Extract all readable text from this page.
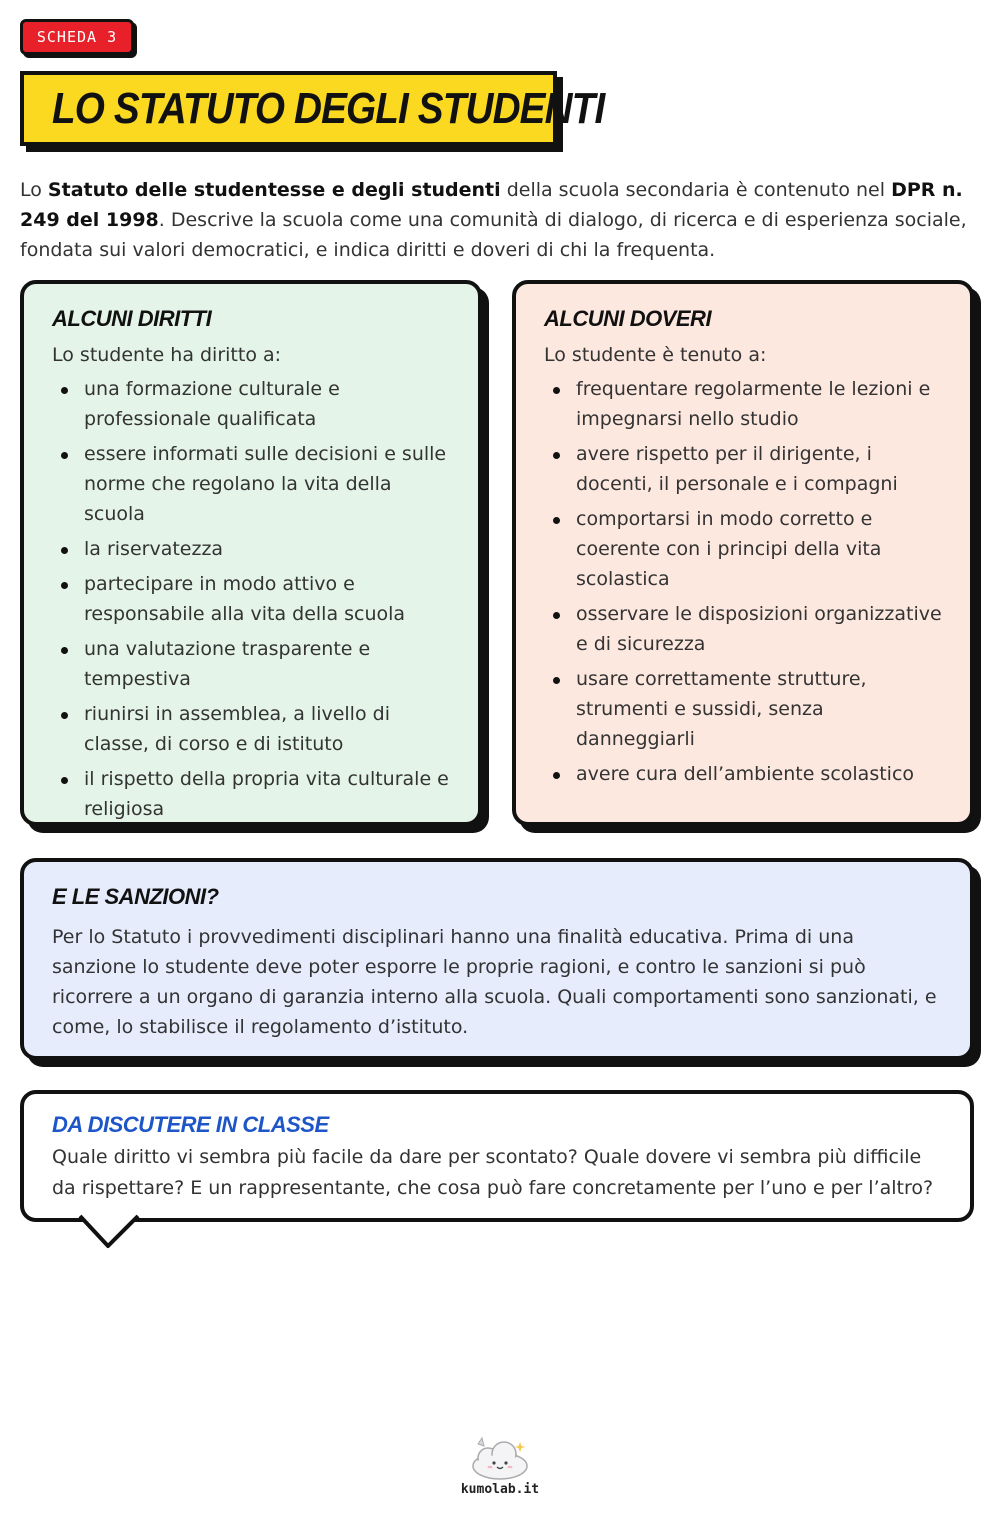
SCHEDA 3
LO STATUTO DEGLI STUDENTI
Lo Statuto delle studentesse e degli studenti della scuola secondaria è contenuto nel DPR n. 249 del 1998. Descrive la scuola come una comunità di dialogo, di ricerca e di esperienza sociale, fondata sui valori democratici, e indica diritti e doveri di chi la frequenta.
ALCUNI DIRITTI
Lo studente ha diritto a:
una formazione culturale e professionale qualificata
essere informati sulle decisioni e sulle norme che regolano la vita della scuola
la riservatezza
partecipare in modo attivo e responsabile alla vita della scuola
una valutazione trasparente e tempestiva
riunirsi in assemblea, a livello di classe, di corso e di istituto
il rispetto della propria vita culturale e religiosa
ALCUNI DOVERI
Lo studente è tenuto a:
frequentare regolarmente le lezioni e impegnarsi nello studio
avere rispetto per il dirigente, i docenti, il personale e i compagni
comportarsi in modo corretto e coerente con i principi della vita scolastica
osservare le disposizioni organizzative e di sicurezza
usare correttamente strutture, strumenti e sussidi, senza danneggiarli
avere cura dell’ambiente scolastico
E LE SANZIONI?

Per lo Statuto i provvedimenti disciplinari hanno una finalità educativa. Prima di una sanzione lo studente deve poter esporre le proprie ragioni, e contro le sanzioni si può ricorrere a un organo di garanzia interno alla scuola. Quali comportamenti sono sanzionati, e come, lo stabilisce il regolamento d’istituto.

DA DISCUTERE IN CLASSE

Quale diritto vi sembra più facile da dare per scontato? Quale dovere vi sembra più difficile da rispettare? E un rappresentante, che cosa può fare concretamente per l’uno e per l’altro?

kumolab.it
